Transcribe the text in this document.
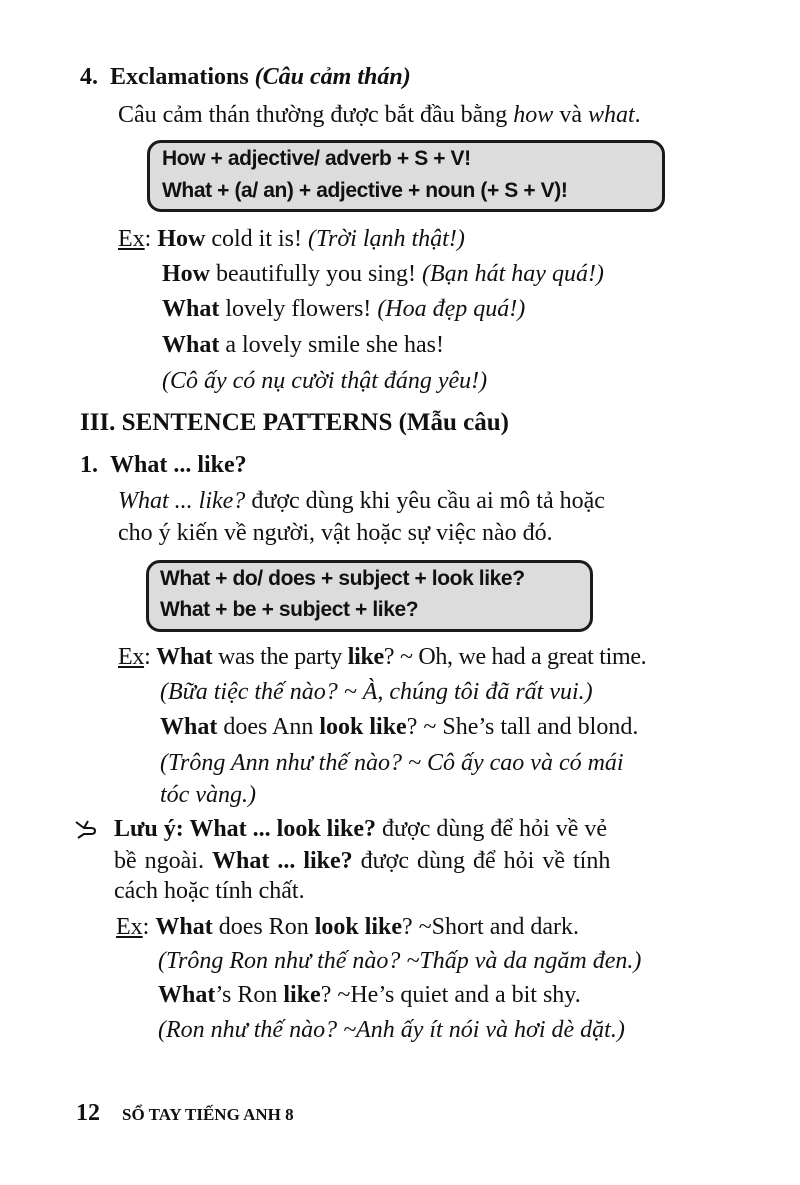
4. Exclamations (Câu cảm thán)
Câu cảm thán thường được bắt đầu bằng how và what.
How + adjective/ adverb + S + V!
What + (a/ an) + adjective + noun (+ S + V)!
Ex: How cold it is! (Trời lạnh thật!)
How beautifully you sing! (Bạn hát hay quá!)
What lovely flowers! (Hoa đẹp quá!)
What a lovely smile she has!
(Cô ấy có nụ cười thật đáng yêu!)
III. SENTENCE PATTERNS (Mẫu câu)
1. What ... like?
What ... like? được dùng khi yêu cầu ai mô tả hoặc
cho ý kiến về người, vật hoặc sự việc nào đó.
What + do/ does + subject + look like?
What + be + subject + like?
Ex: What was the party like? ~ Oh, we had a great time.
(Bữa tiệc thế nào? ~ À, chúng tôi đã rất vui.)
What does Ann look like? ~ She’s tall and blond.
(Trông Ann như thế nào? ~ Cô ấy cao và có mái
tóc vàng.)
Lưu ý: What ... look like? được dùng để hỏi về vẻ
bề ngoài. What ... like? được dùng để hỏi về tính
cách hoặc tính chất.
Ex: What does Ron look like? ~Short and dark.
(Trông Ron như thế nào? ~Thấp và da ngăm đen.)
What’s Ron like? ~He’s quiet and a bit shy.
(Ron như thế nào? ~Anh ấy ít nói và hơi dè dặt.)
12 SỔ TAY TIẾNG ANH 8
